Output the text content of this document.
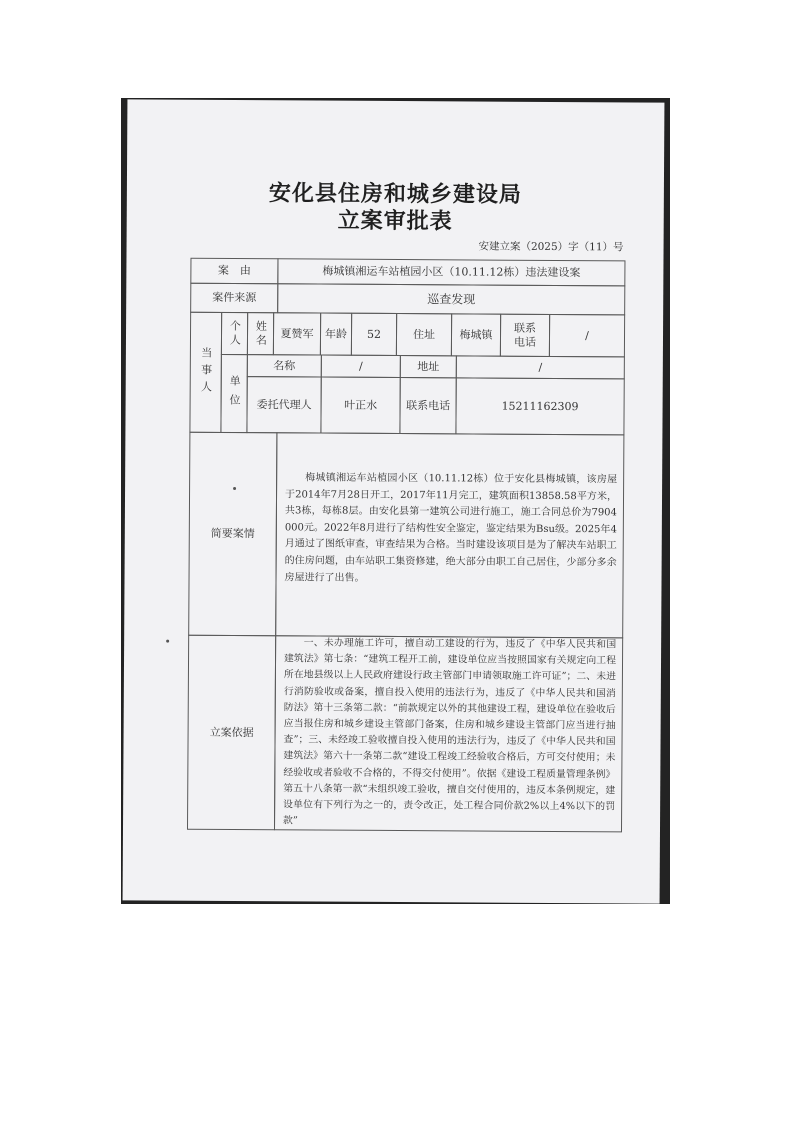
安化县住房和城乡建设局
立案审批表
安建立案（2025）字（11）号
案　由	梅城镇湘运车站植园小区（10.11.12栋）违法建设案
案件来源	巡查发现
当事人
个人 姓名	夏赞军	年龄	52	住址	梅城镇	联系电话	/
单位
名称	/	地址	/
委托代理人	叶正水	联系电话	15211162309
简要案情
梅城镇湘运车站植园小区（10.11.12栋）位于安化县梅城镇，该房屋于2014年7月28日开工，2017年11月完工，建筑面积13858.58平方米，共3栋，每栋8层。由安化县第一建筑公司进行施工，施工合同总价为7904000元。2022年8月进行了结构性安全鉴定，鉴定结果为Bsu级。2025年4月通过了图纸审查，审查结果为合格。当时建设该项目是为了解决车站职工的住房问题，由车站职工集资修建，绝大部分由职工自己居住，少部分多余房屋进行了出售。
立案依据
一、未办理施工许可，擅自动工建设的行为，违反了《中华人民共和国建筑法》第七条：“建筑工程开工前，建设单位应当按照国家有关规定向工程所在地县级以上人民政府建设行政主管部门申请领取施工许可证”；二、未进行消防验收或备案，擅自投入使用的违法行为，违反了《中华人民共和国消防法》第十三条第二款：“前款规定以外的其他建设工程，建设单位在验收后应当报住房和城乡建设主管部门备案，住房和城乡建设主管部门应当进行抽查”；三、未经竣工验收擅自投入使用的违法行为，违反了《中华人民共和国建筑法》第六十一条第二款“建设工程竣工经验收合格后，方可交付使用；未经验收或者验收不合格的，不得交付使用”。依据《建设工程质量管理条例》第五十八条第一款“未组织竣工验收，擅自交付使用的，违反本条例规定，建设单位有下列行为之一的，责令改正，处工程合同价款2%以上4%以下的罚款”
